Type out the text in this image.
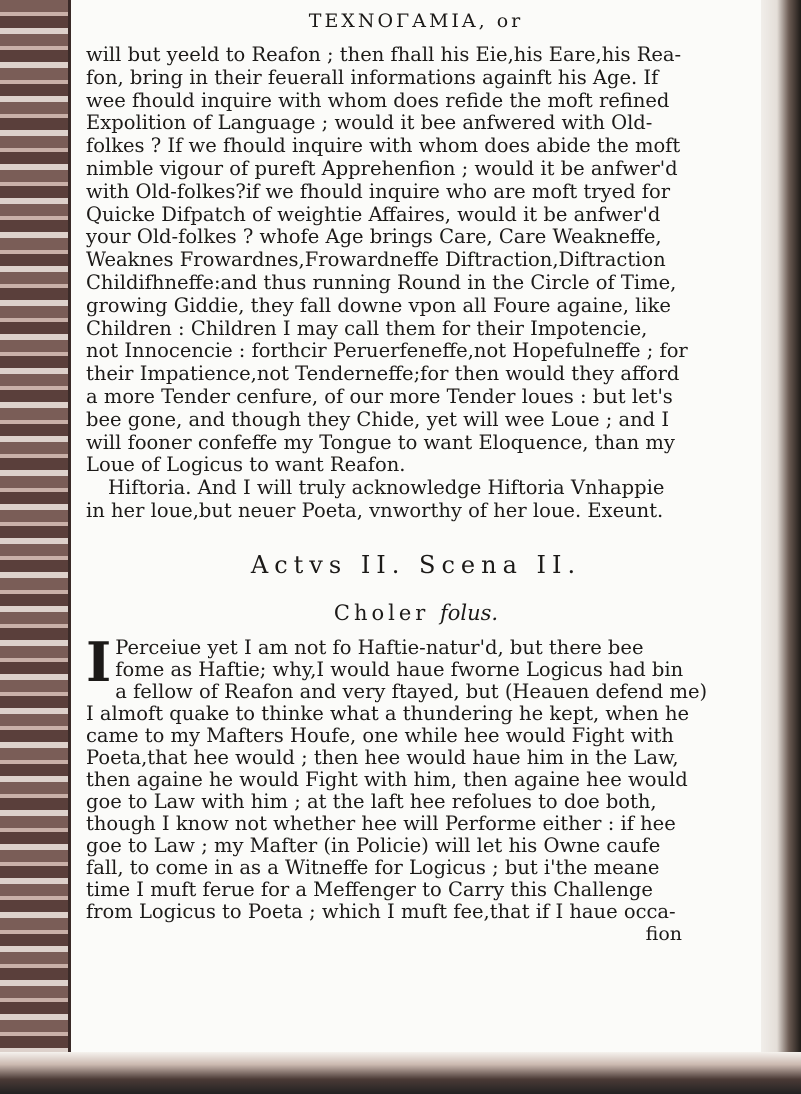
ΤΕΧΝΟΓΑΜΙΑ, or

will but yeeld to Reafon ; then fhall his Eie,his Eare,his Rea-

fon, bring in their feuerall informations againft his Age. If

wee fhould inquire with whom does refide the moft refined

Expolition of Language ; would it bee anfwered with Old-

folkes ? If we fhould inquire with whom does abide the moft

nimble vigour of pureft Apprehenfion ; would it be anfwer'd

with Old-folkes?if we fhould inquire who are moft tryed for

Quicke Difpatch of weightie Affaires, would it be anfwer'd

your Old-folkes ? whofe Age brings Care, Care Weakneffe,

Weaknes Frowardnes,Frowardneffe Diftraction,Diftraction

Childifhneffe:and thus running Round in the Circle of Time,

growing Giddie, they fall downe vpon all Foure againe, like

Children : Children I may call them for their Impotencie,

not Innocencie : forthcir Peruerfeneffe,not Hopefulneffe ; for

their Impatience,not Tenderneffe;for then would they afford

a more Tender cenfure, of our more Tender loues : but let's

bee gone, and though they Chide, yet will wee Loue ; and I

will fooner confeffe my Tongue to want Eloquence, than my

Loue of Logicus to want Reafon.

Hiftoria. And I will truly acknowledge Hiftoria Vnhappie

in her loue,but neuer Poeta, vnworthy of her loue. Exeunt.

Actvs II. Scena II.
Choler folus.

I Perceiue yet I am not fo Haftie-natur'd, but there bee

fome as Haftie; why,I would haue fworne Logicus had bin

a fellow of Reafon and very ftayed, but (Heauen defend me)

I almoft quake to thinke what a thundering he kept, when he

came to my Mafters Houfe, one while hee would Fight with

Poeta,that hee would ; then hee would haue him in the Law,

then againe he would Fight with him, then againe hee would

goe to Law with him ; at the laft hee refolues to doe both,

though I know not whether hee will Performe either : if hee

goe to Law ; my Mafter (in Policie) will let his Owne caufe

fall, to come in as a Witneffe for Logicus ; but i'the meane

time I muft ferue for a Meffenger to Carry this Challenge

from Logicus to Poeta ; which I muft fee,that if I haue occa-

fion
